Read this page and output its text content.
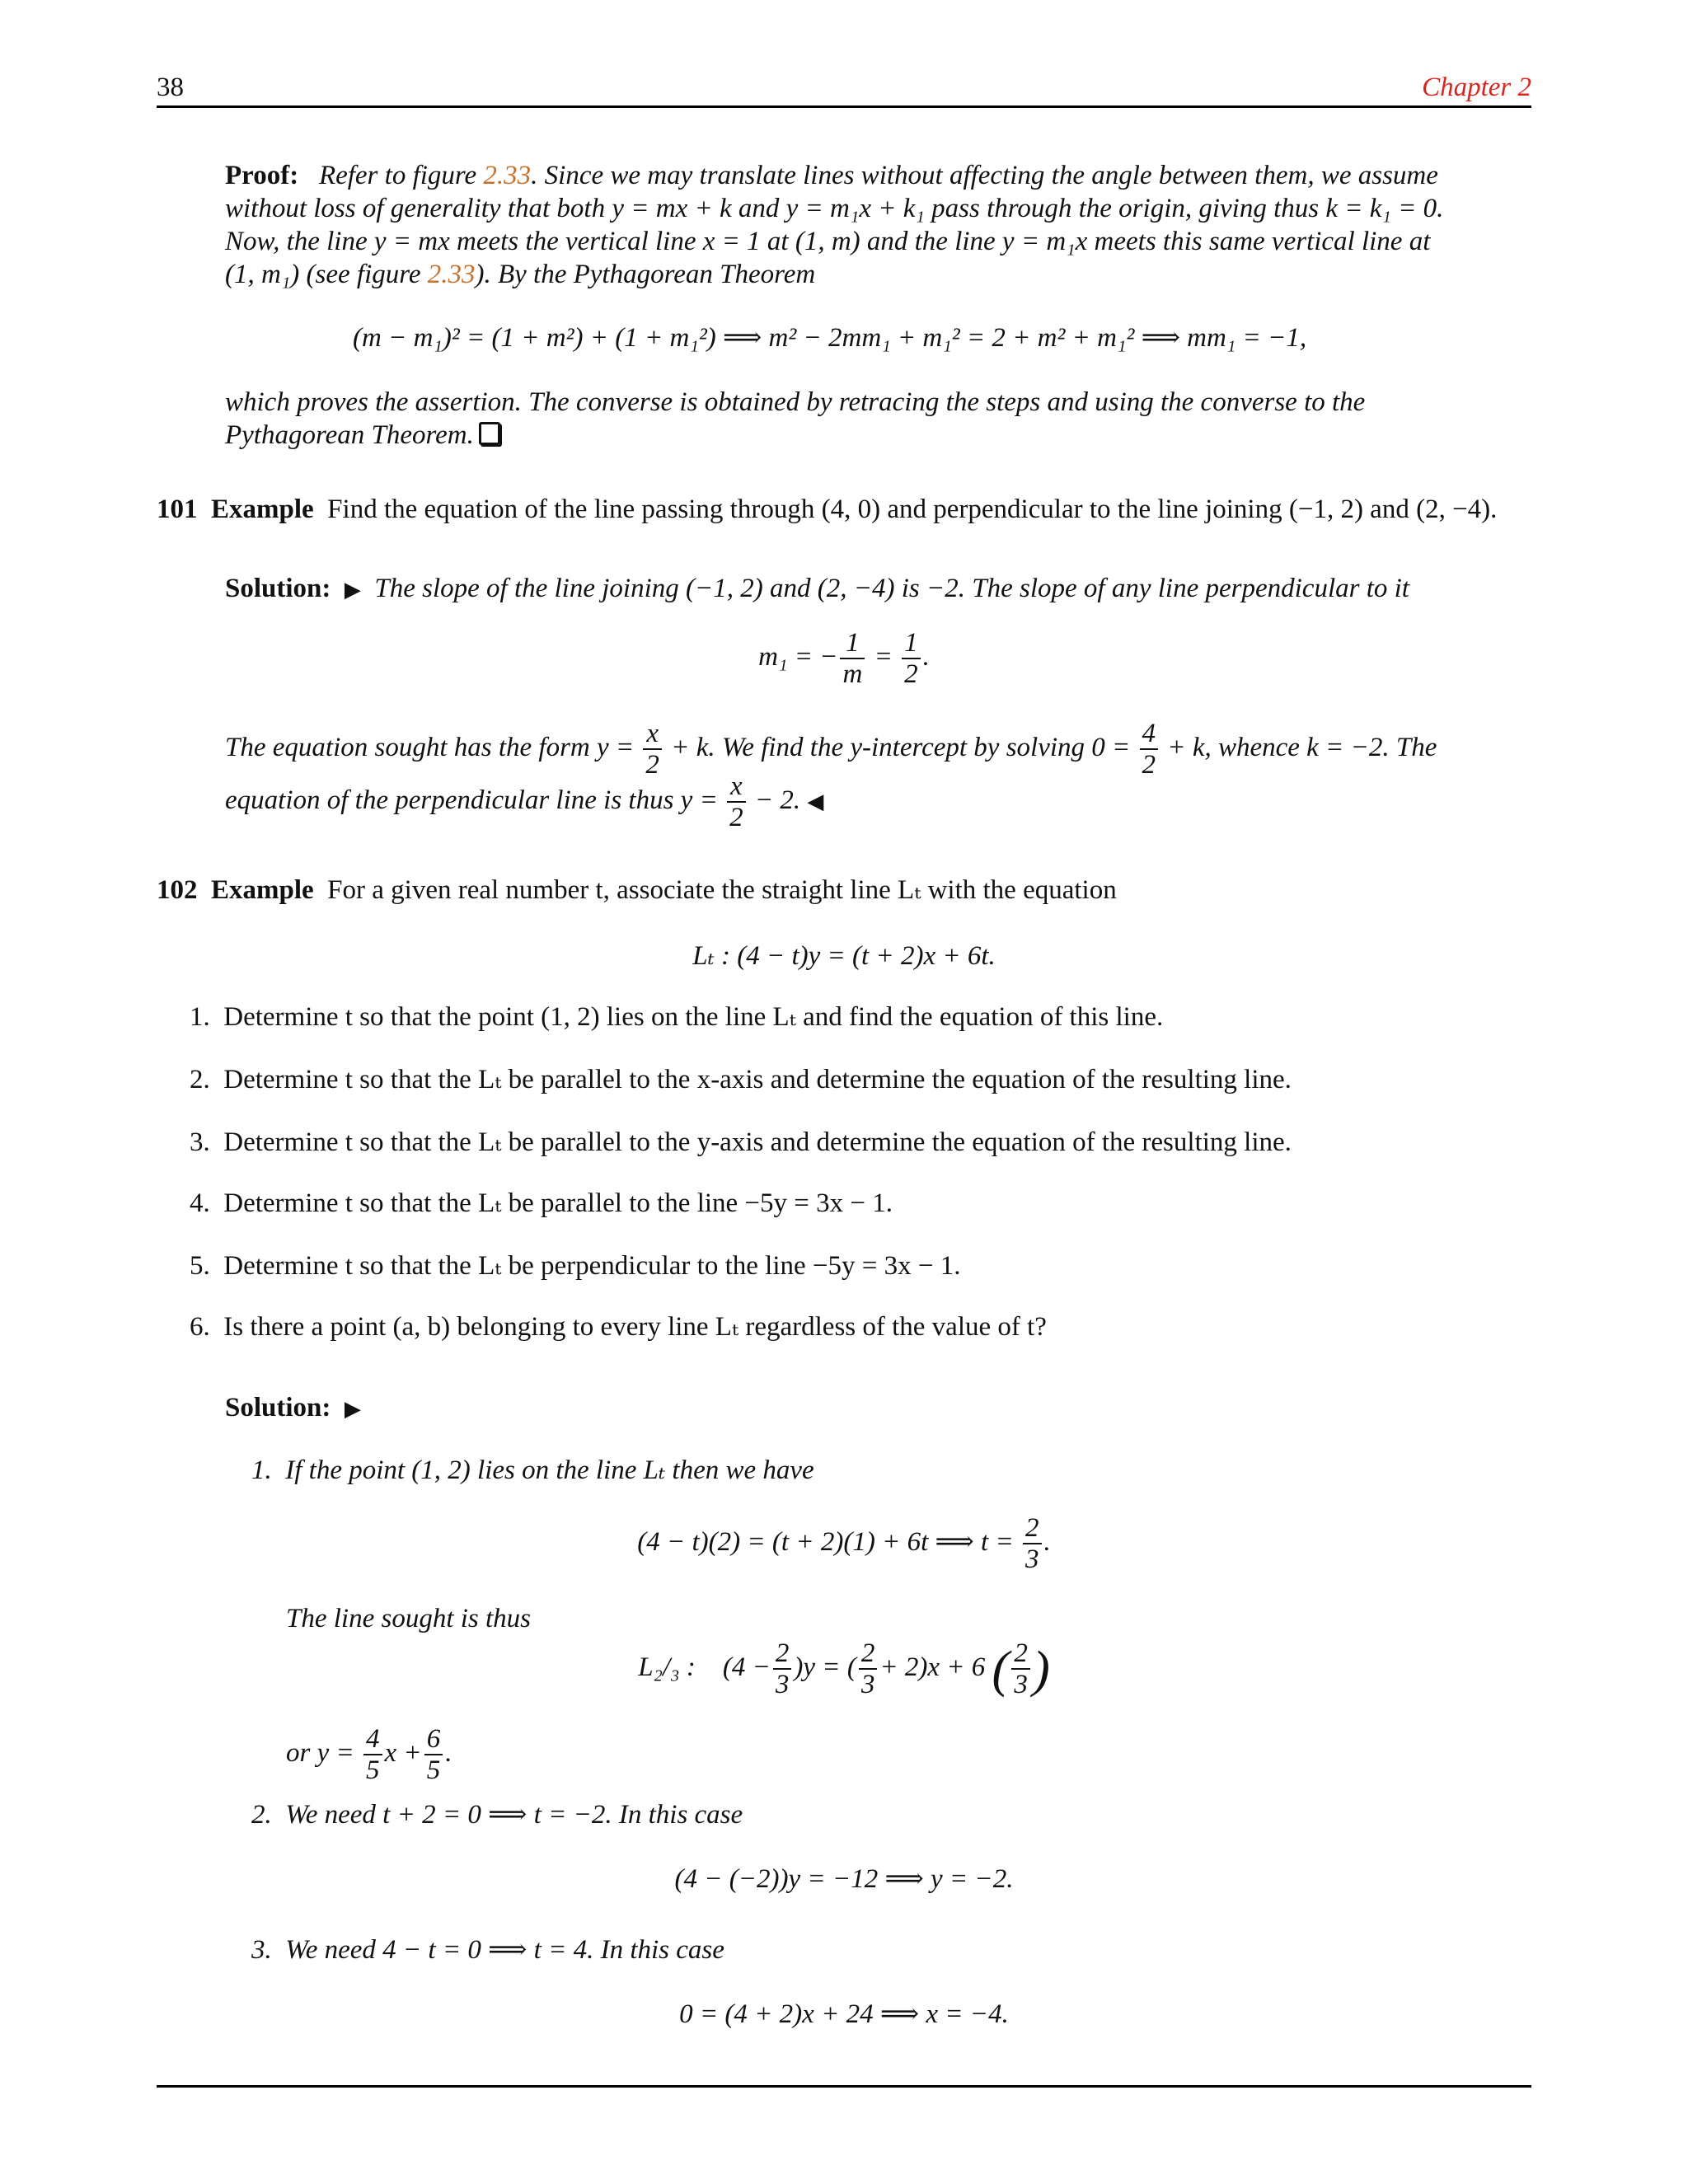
38	Chapter 2
Proof: Refer to figure 2.33. Since we may translate lines without affecting the angle between them, we assume
without loss of generality that both y = mx + k and y = m₁x + k₁ pass through the origin, giving thus k = k₁ = 0.
Now, the line y = mx meets the vertical line x = 1 at (1, m) and the line y = m₁x meets this same vertical line at
(1, m₁) (see figure 2.33). By the Pythagorean Theorem
(m − m₁)² = (1 + m²) + (1 + m₁²) ⟹ m² − 2mm₁ + m₁² = 2 + m² + m₁² ⟹ mm₁ = −1,
which proves the assertion. The converse is obtained by retracing the steps and using the converse to the
Pythagorean Theorem.
101 Example Find the equation of the line passing through (4, 0) and perpendicular to the line joining (−1, 2) and (2, −4).
Solution: ▶ The slope of the line joining (−1, 2) and (2, −4) is −2. The slope of any line perpendicular to it
m₁ = − $\frac{1}{m} = \frac{1}{2}$ .
The equation sought has the form $y = \frac{x}{2} + k$. We find the y-intercept by solving $0 = \frac{4}{2} + k$, whence k = −2. The
equation of the perpendicular line is thus $y = \frac{x}{2} - 2$. ◀
102 Example For a given real number t, associate the straight line Lₜ with the equation
Lₜ : (4 − t)y = (t + 2)x + 6t.
1.  Determine t so that the point (1, 2) lies on the line Lₜ and find the equation of this line.
2.  Determine t so that the Lₜ be parallel to the x-axis and determine the equation of the resulting line.
3.  Determine t so that the Lₜ be parallel to the y-axis and determine the equation of the resulting line.
4.  Determine t so that the Lₜ be parallel to the line −5y = 3x − 1.
5.  Determine t so that the Lₜ be perpendicular to the line −5y = 3x − 1.
6.  Is there a point (a, b) belonging to every line Lₜ regardless of the value of t?
Solution: ▶
1.  If the point (1, 2) lies on the line Lₜ then we have
(4 − t)(2) = (t + 2)(1) + 6t ⟹ $t = \frac{2}{3}$ .
The line sought is thus
L₂/₃ : $(4 - \frac{2}{3} )y$ = ( $\frac{2}{3} + 2)x + 6$ ( $\frac{2}{3}$ )
or $y = \frac{4}{5}$ $x + \frac{6}{5}$ .
2.  We need t + 2 = 0 ⟹ t = −2. In this case
(4 − (−2))y = −12 ⟹ y = −2.
3.  We need 4 − t = 0 ⟹ t = 4. In this case
0 = (4 + 2)x + 24 ⟹ x = −4.
